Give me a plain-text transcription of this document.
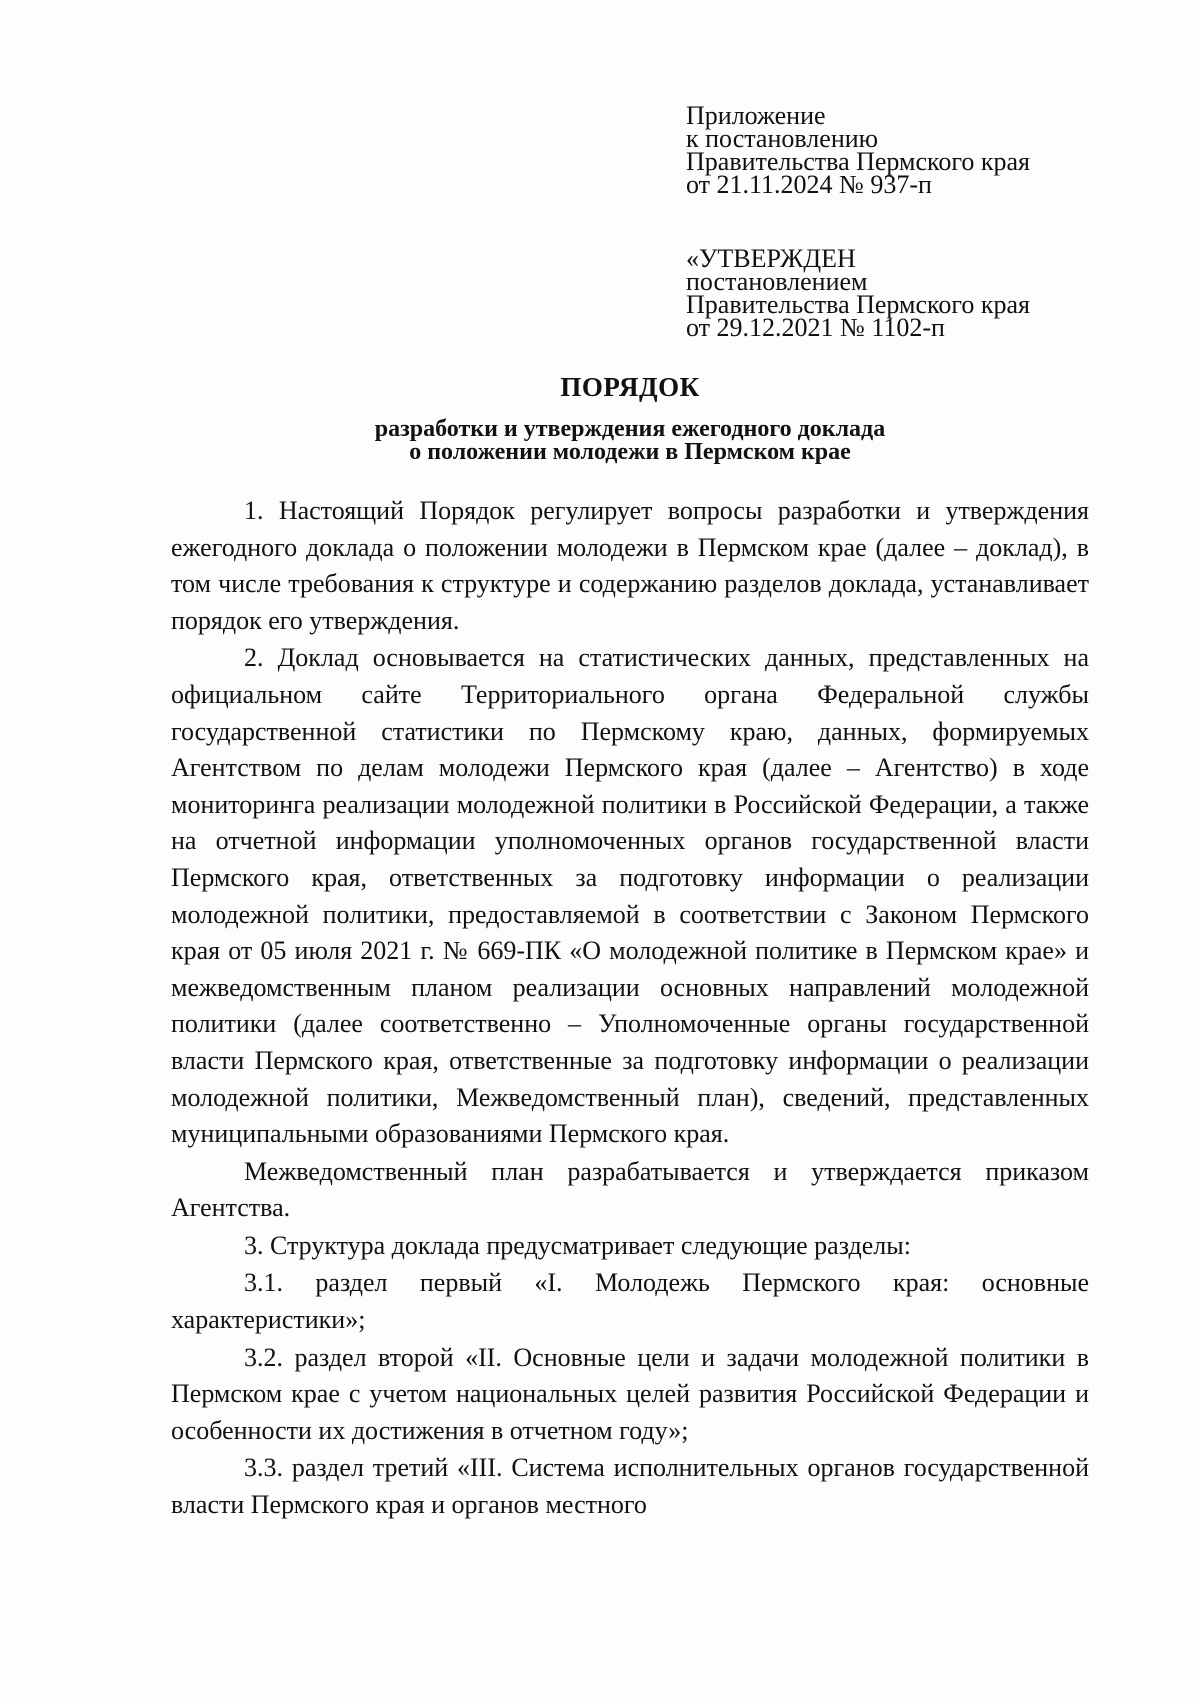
Приложение
к постановлению
Правительства Пермского края
от 21.11.2024 № 937-п
«УТВЕРЖДЕН
постановлением
Правительства Пермского края
от 29.12.2021 № 1102-п
ПОРЯДОК
разработки и утверждения ежегодного доклада
о положении молодежи в Пермском крае

1. Настоящий Порядок регулирует вопросы разработки и утверждения ежегодного доклада о положении молодежи в Пермском крае (далее – доклад), в том числе требования к структуре и содержанию разделов доклада, устанавливает порядок его утверждения.

2. Доклад основывается на статистических данных, представленных на официальном сайте Территориального органа Федеральной службы государственной статистики по Пермскому краю, данных, формируемых Агентством по делам молодежи Пермского края (далее – Агентство) в ходе мониторинга реализации молодежной политики в Российской Федерации, а также на отчетной информации уполномоченных органов государственной власти Пермского края, ответственных за подготовку информации о реализации молодежной политики, предоставляемой в соответствии с Законом Пермского края от 05 июля 2021 г. № 669-ПК «О молодежной политике в Пермском крае» и межведомственным планом реализации основных направлений молодежной политики (далее соответственно – Уполномоченные органы государственной власти Пермского края, ответственные за подготовку информации о реализации молодежной политики, Межведомственный план), сведений, представленных муниципальными образованиями Пермского края.

Межведомственный план разрабатывается и утверждается приказом Агентства.

3. Структура доклада предусматривает следующие разделы:

3.1. раздел первый «I. Молодежь Пермского края: основные характеристики»;

3.2. раздел второй «II. Основные цели и задачи молодежной политики в Пермском крае с учетом национальных целей развития Российской Федерации и особенности их достижения в отчетном году»;

3.3. раздел третий «III. Система исполнительных органов государственной власти Пермского края и органов местного
